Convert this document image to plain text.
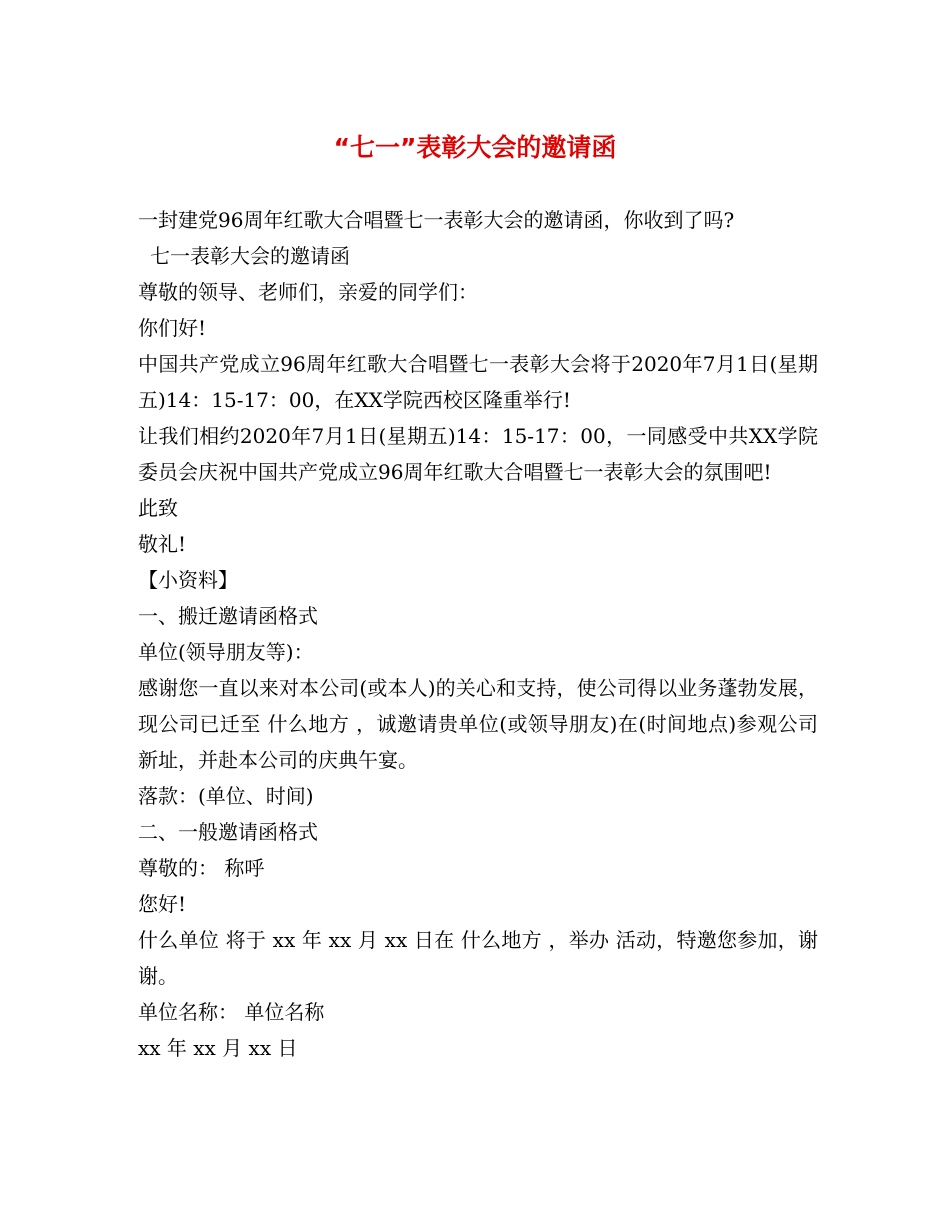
“七一”表彰大会的邀请函

一封建党96周年红歌大合唱暨七一表彰大会的邀请函，你收到了吗?

七一表彰大会的邀请函

尊敬的领导、老师们，亲爱的同学们：

你们好!

中国共产党成立96周年红歌大合唱暨七一表彰大会将于2020年7月1日(星期五)14：15-17：00，在XX学院西校区隆重举行!

让我们相约2020年7月1日(星期五)14：15-17：00，一同感受中共XX学院委员会庆祝中国共产党成立96周年红歌大合唱暨七一表彰大会的氛围吧!

此致

敬礼!

【小资料】

一、搬迁邀请函格式

单位(领导朋友等)：

感谢您一直以来对本公司(或本人)的关心和支持，使公司得以业务蓬勃发展，现公司已迁至 什么地方 ，诚邀请贵单位(或领导朋友)在(时间地点)参观公司新址，并赴本公司的庆典午宴。

落款：(单位、时间)

二、一般邀请函格式

尊敬的： 称呼

您好!

什么单位 将于 xx 年 xx 月 xx 日在 什么地方 ，举办 活动，特邀您参加，谢谢。

单位名称： 单位名称

xx 年 xx 月 xx 日
